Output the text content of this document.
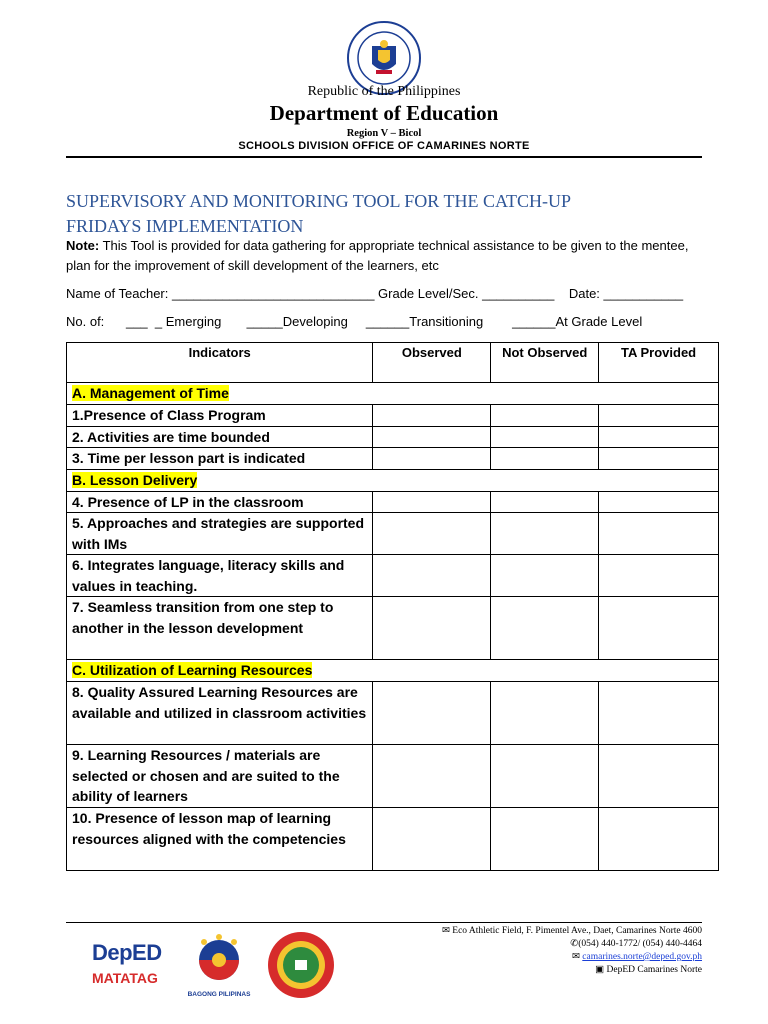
Republic of the Philippines
Department of Education
Region V – Bicol
SCHOOLS DIVISION OFFICE OF CAMARINES NORTE
SUPERVISORY AND MONITORING TOOL FOR THE CATCH-UP
FRIDAYS IMPLEMENTATION
Note: This Tool is provided for data gathering for appropriate technical assistance to be given to the mentee, plan for the improvement of skill development of the learners, etc
Name of Teacher: ____________________________ Grade Level/Sec. __________    Date: ___________
No. of:      ___  _ Emerging       _____Developing     ______Transitioning        ______At Grade Level
Indicators	Observed	Not Observed	TA Provided
A. Management of Time			
1.Presence of Class Program			
2. Activities are time bounded			
3. Time per lesson part is indicated			
B. Lesson Delivery			
4. Presence of LP in the classroom			
5. Approaches and strategies are supported with IMs			
6. Integrates language, literacy skills and values in teaching.			
7. Seamless transition from one step to another in the lesson development			
C. Utilization of Learning Resources			
8. Quality Assured Learning Resources are available and utilized in classroom activities			
9. Learning Resources / materials are selected or chosen and are suited to the ability of learners			
10. Presence of lesson map of learning resources aligned with the competencies			
✉ Eco Athletic Field, F. Pimentel Ave., Daet, Camarines Norte 4600
✆(054) 440-1772/ (054) 440-4464
✉ camarines.norte@deped.gov.ph
▣ DepED Camarines Norte
DepED
MATATAG
BAGONG PILIPINAS
